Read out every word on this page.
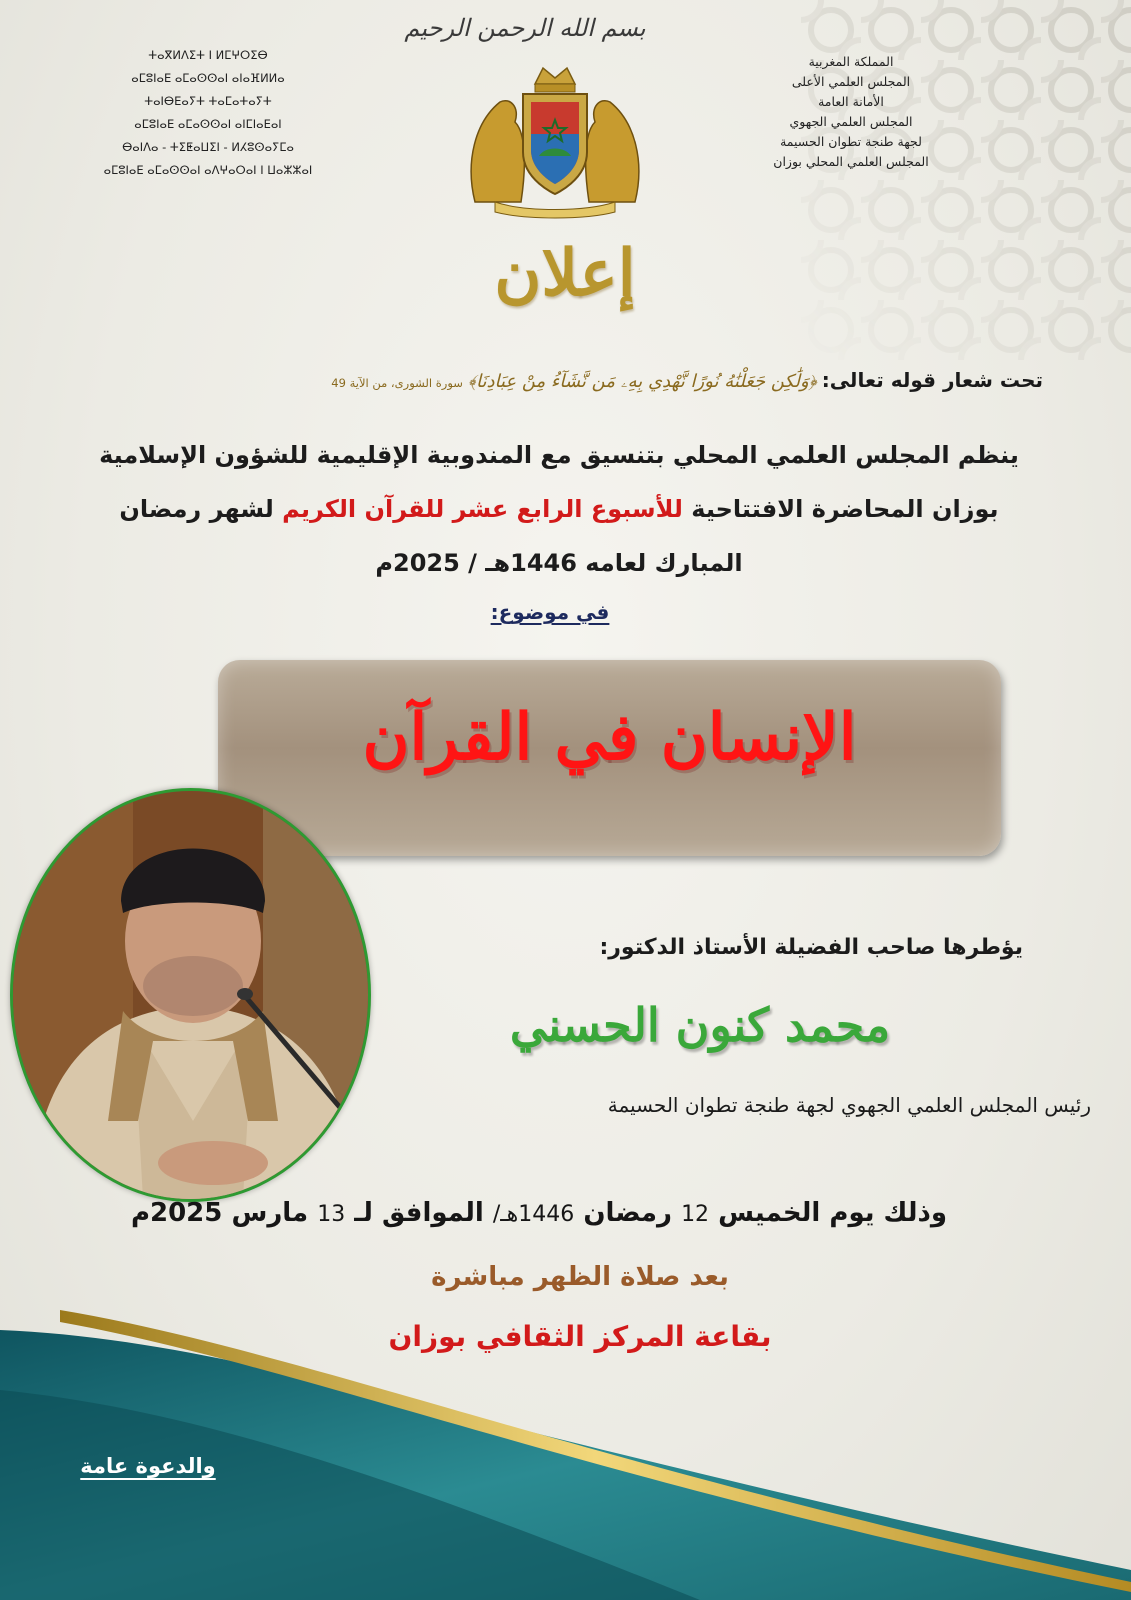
ⵜⴰⴳⵍⴷⵉⵜ ⵏ ⵍⵎⵖⵔⵉⴱ
ⴰⵎⵓⵏⴰⴹ ⴰⵎⴰⵙⵙⴰⵏ ⴰⵏⴰⴼⵍⵍⴰ
ⵜⴰⵏⴱⴹⴰⵢⵜ ⵜⴰⵎⴰⵜⴰⵢⵜ
ⴰⵎⵓⵏⴰⴹ ⴰⵎⴰⵙⵙⴰⵏ ⴰⵏⵎⵏⴰⴹⴰⵏ
ⴱⴰⵏⴷⴰ - ⵜⵉⵟⴰⵡⵉⵏ - ⵍⵃⵓⵙⴰⵢⵎⴰ
ⴰⵎⵓⵏⴰⴹ ⴰⵎⴰⵙⵙⴰⵏ ⴰⴷⵖⴰⵔⴰⵏ ⵏ ⵡⴰⵣⵣⴰⵏ
المملكة المغربية
المجلس العلمي الأعلى
الأمانة العامة
المجلس العلمي الجهوي
لجهة طنجة تطوان الحسيمة
المجلس العلمي المحلي بوزان
بسم الله الرحمن الرحيم
إعلان
تحت شعار قوله تعالى: ﴿وَلَٰكِن جَعَلْنَٰهُ نُورًا نَّهْدِي بِهِۦ مَن نَّشَآءُ مِنْ عِبَادِنَا﴾ سورة الشورى، من الآية 49
ينظم المجلس العلمي المحلي بتنسيق مع المندوبية الإقليمية للشؤون الإسلامية
بوزان المحاضرة الافتتاحية للأسبوع الرابع عشر للقرآن الكريم لشهر رمضان
المبارك لعامه 1446هـ / 2025م
في موضوع:
الإنسان في القرآن
يؤطرها صاحب الفضيلة الأستاذ الدكتور:
محمد كنون الحسني
رئيس المجلس العلمي الجهوي لجهة طنجة تطوان الحسيمة
وذلك يوم الخميس 12 رمضان 1446هـ/ الموافق لـ 13 مارس 2025م
بعد صلاة الظهر مباشرة
بقاعة المركز الثقافي بوزان
والدعوة عامة
